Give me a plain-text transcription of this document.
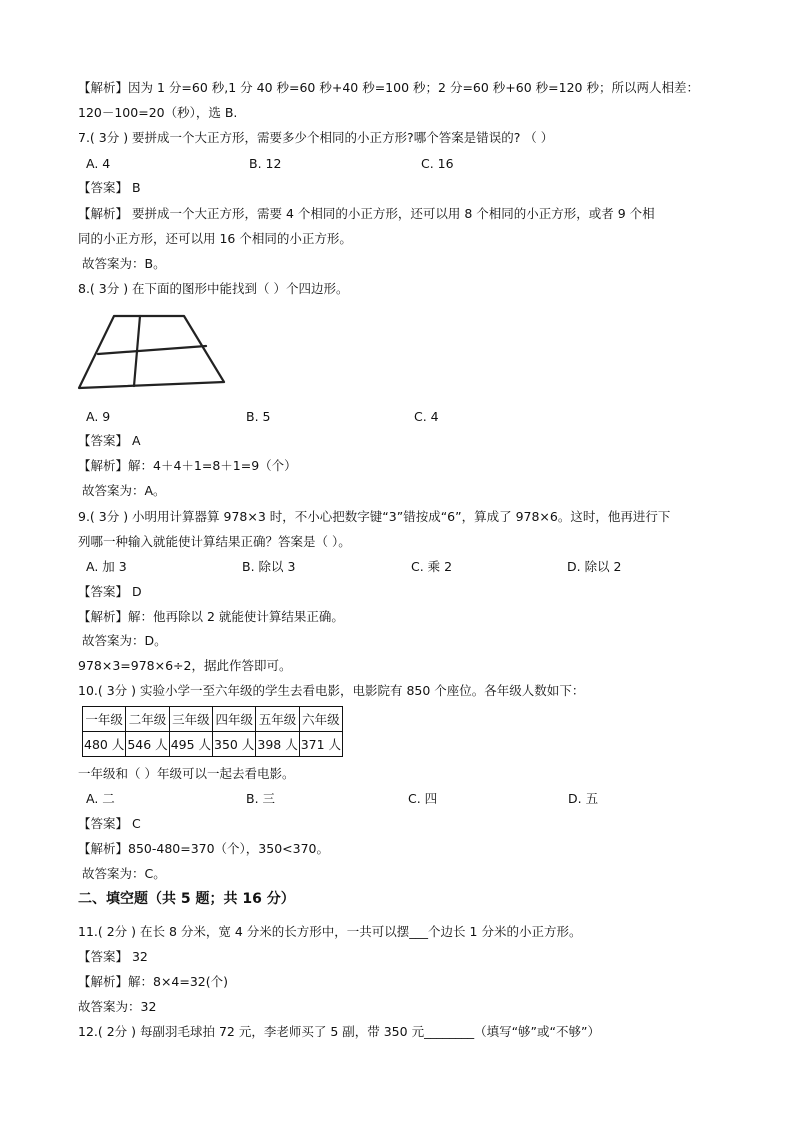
【解析】因为 1 分=60 秒,1 分 40 秒=60 秒+40 秒=100 秒；2 分=60 秒+60 秒=120 秒；所以两人相差：
120－100=20（秒），选 B.
7.( 3分 ) 要拼成一个大正方形，需要多少个相同的小正方形?哪个答案是错误的? （ ）
A. 4	B. 12	C. 16
【答案】 B
【解析】 要拼成一个大正方形，需要 4 个相同的小正方形，还可以用 8 个相同的小正方形，或者 9 个相
同的小正方形，还可以用 16 个相同的小正方形。
故答案为：B。
8.( 3分 ) 在下面的图形中能找到（ ）个四边形。
A. 9	B. 5	C. 4
【答案】 A
【解析】解：4＋4＋1=8＋1=9（个）
故答案为：A。
9.( 3分 ) 小明用计算器算 978×3 时，不小心把数字键“3”错按成“6”，算成了 978×6。这时，他再进行下
列哪一种输入就能使计算结果正确？答案是（ ）。
A. 加 3	B. 除以 3	C. 乘 2	D. 除以 2
【答案】 D
【解析】解：他再除以 2 就能使计算结果正确。
故答案为：D。
978×3=978×6÷2，据此作答即可。
10.( 3分 ) 实验小学一至六年级的学生去看电影，电影院有 850 个座位。各年级人数如下：
一年级	二年级	三年级	四年级	五年级	六年级
480 人	546 人	495 人	350 人	398 人	371 人
一年级和（ ）年级可以一起去看电影。
A. 二	B. 三	C. 四	D. 五
【答案】 C
【解析】850-480=370（个），350<370。
故答案为：C。
二、填空题（共 5 题；共 16 分）
11.( 2分 ) 在长 8 分米，宽 4 分米的长方形中，一共可以摆___个边长 1 分米的小正方形。
【答案】 32
【解析】解：8×4=32(个)
故答案为：32
12.( 2分 ) 每副羽毛球拍 72 元，李老师买了 5 副，带 350 元________（填写“够”或“不够”）
